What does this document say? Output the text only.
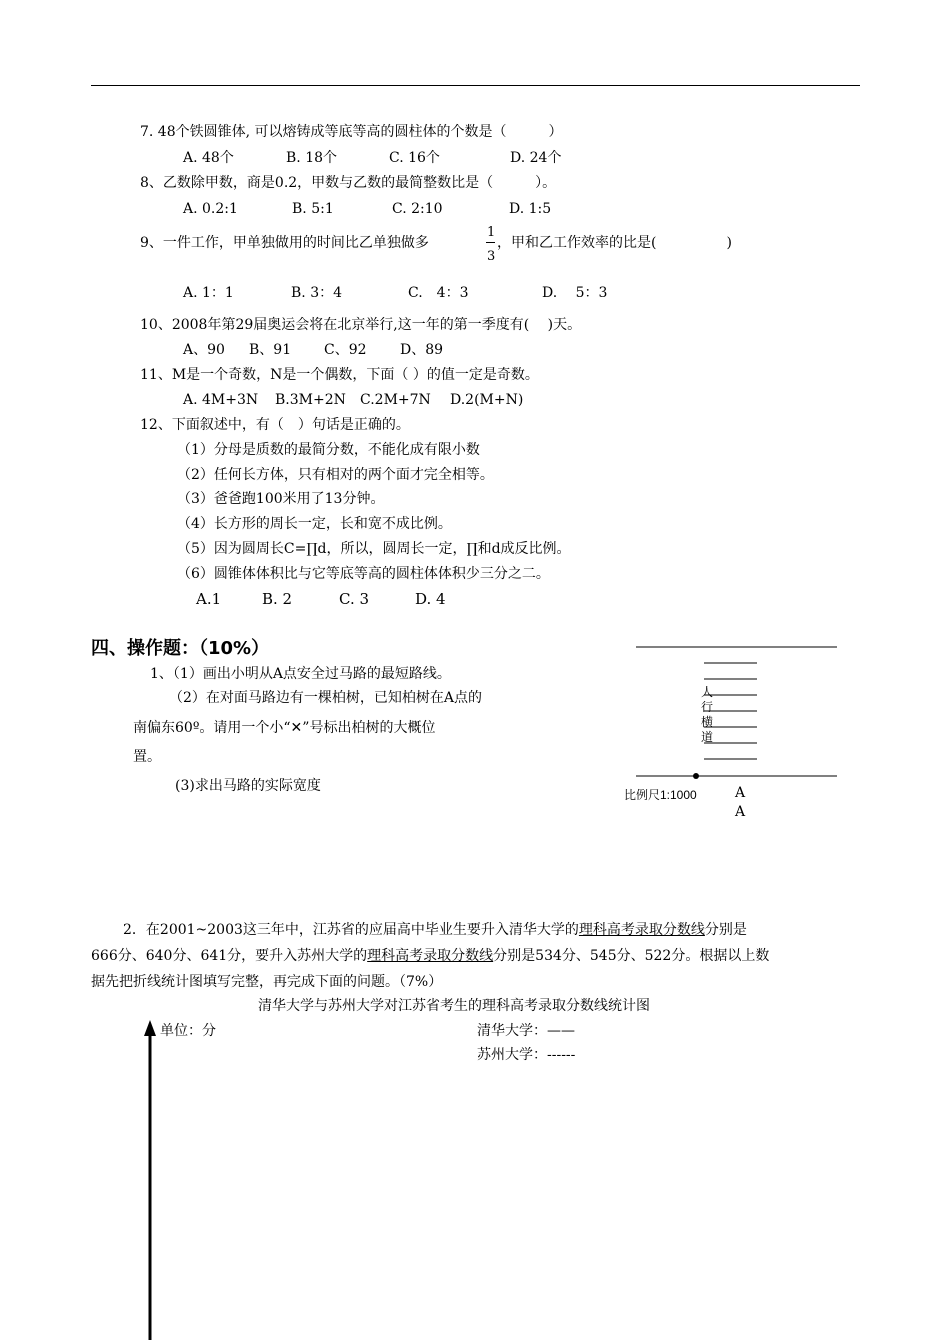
7. 48个铁圆锥体, 可以熔铸成等底等高的圆柱体的个数是（　　　）
A. 48个	B. 18个	C. 16个	D. 24个
8、乙数除甲数，商是0.2，甲数与乙数的最简整数比是（　　　）。
A. 0.2:1	B. 5:1	C. 2:10	D. 1:5
9、一件工作，甲单独做用的时间比乙单独做多
1
3
，甲和乙工作效率的比是(　　　　　)
A. 1：1	B. 3：4	C.　4：3	D.　 5：3
10、2008年第29届奥运会将在北京举行,这一年的第一季度有(　 )天。
A、90 B、91 C、92 D、89
11、M是一个奇数，N是一个偶数，下面（ ）的值一定是奇数。
A. 4M+3N B.3M+2N C.2M+7N D.2(M+N)
12、下面叙述中，有（　）句话是正确的。
（1）分母是质数的最简分数，不能化成有限小数
（2）任何长方体，只有相对的两个面才完全相等。
（3）爸爸跑100米用了13分钟。
（4）长方形的周长一定，长和宽不成比例。
（5）因为圆周长C=∏d，所以，圆周长一定，∏和d成反比例。
（6）圆锥体体积比与它等底等高的圆柱体体积少三分之二。
A.1	B. 2	C. 3	D. 4
四、操作题：（10%）
1、（1）画出小明从A点安全过马路的最短路线。
（2）在对面马路边有一棵柏树，已知柏树在A点的
南偏东60º。请用一个小“✕”号标出柏树的大概位
置。
(3)求出马路的实际宽度
人
行
横
道
比例尺1:1000	A
A
2．在2001~2003这三年中，江苏省的应届高中毕业生要升入清华大学的理科高考录取分数线分别是
666分、640分、641分，要升入苏州大学的理科高考录取分数线分别是534分、545分、522分。根据以上数
据先把折线统计图填写完整，再完成下面的问题。（7%）
清华大学与苏州大学对江苏省考生的理科高考录取分数线统计图
单位：分	清华大学：——
苏州大学：------
